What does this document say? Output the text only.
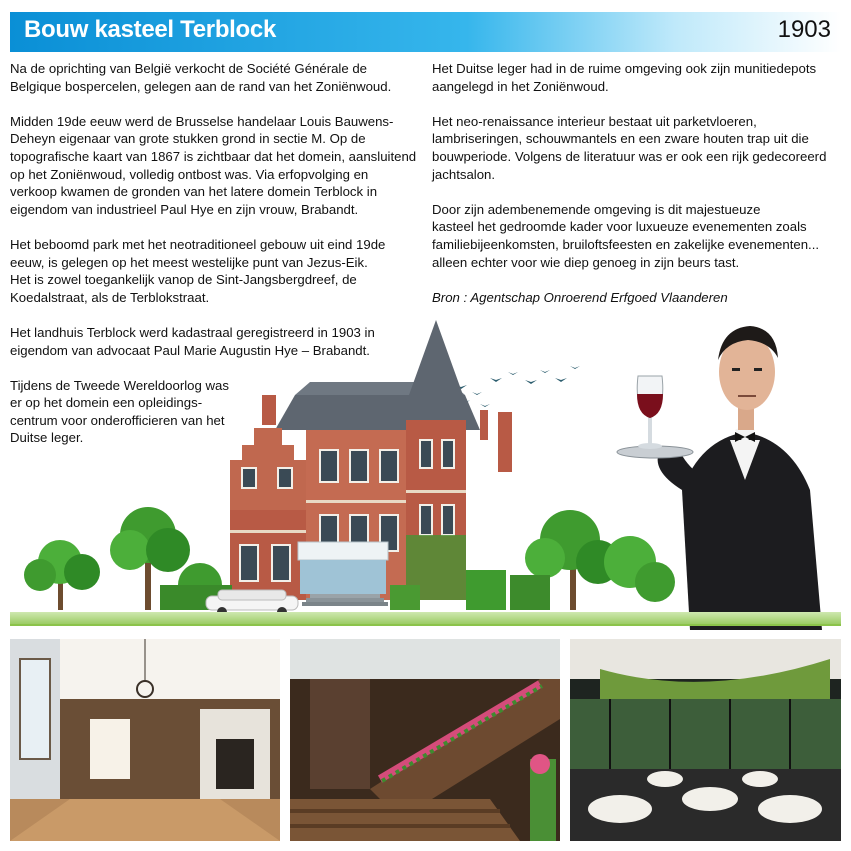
Bouw kasteel Terblock	1903

Na de oprichting van België verkocht de Société Générale de
Belgique bospercelen, gelegen aan de rand van het Zoniënwoud.

Midden 19de eeuw werd de Brusselse handelaar Louis Bauwens-
Deheyn eigenaar van grote stukken grond in sectie M. Op de
topografische kaart van 1867 is zichtbaar dat het domein, aansluitend
op het Zoniënwoud, volledig ontbost was. Via erfopvolging en
verkoop kwamen de gronden van het latere domein Terblock in
eigendom van industrieel Paul Hye en zijn vrouw, Brabandt.

Het beboomd park met het neotraditioneel gebouw uit eind 19de
eeuw, is gelegen op het meest westelijke punt van Jezus-Eik.
Het is zowel toegankelijk vanop de Sint-Jangsbergdreef, de
Koedalstraat, als de Terblokstraat.

Het landhuis Terblock werd kadastraal geregistreerd in 1903 in
eigendom van advocaat Paul Marie Augustin Hye – Brabandt.

Tijdens de Tweede Wereldoorlog was
er op het domein een opleidings-
centrum voor onderofficieren van het
Duitse leger.

Het Duitse leger had in de ruime omgeving ook zijn munitiedepots
aangelegd in het Zoniënwoud.

Het neo-renaissance interieur bestaat uit parketvloeren,
lambriseringen, schouwmantels en een zware houten trap uit die
bouwperiode. Volgens de literatuur was er ook een rijk gedecoreerd
jachtsalon.

Door zijn adembenemende omgeving is dit majestueuze
kasteel het gedroomde kader voor luxueuze evenementen zoals
familiebijeenkomsten, bruiloftsfeesten en zakelijke evenementen...
alleen echter voor wie diep genoeg in zijn beurs tast.

Bron : Agentschap Onroerend Erfgoed Vlaanderen
